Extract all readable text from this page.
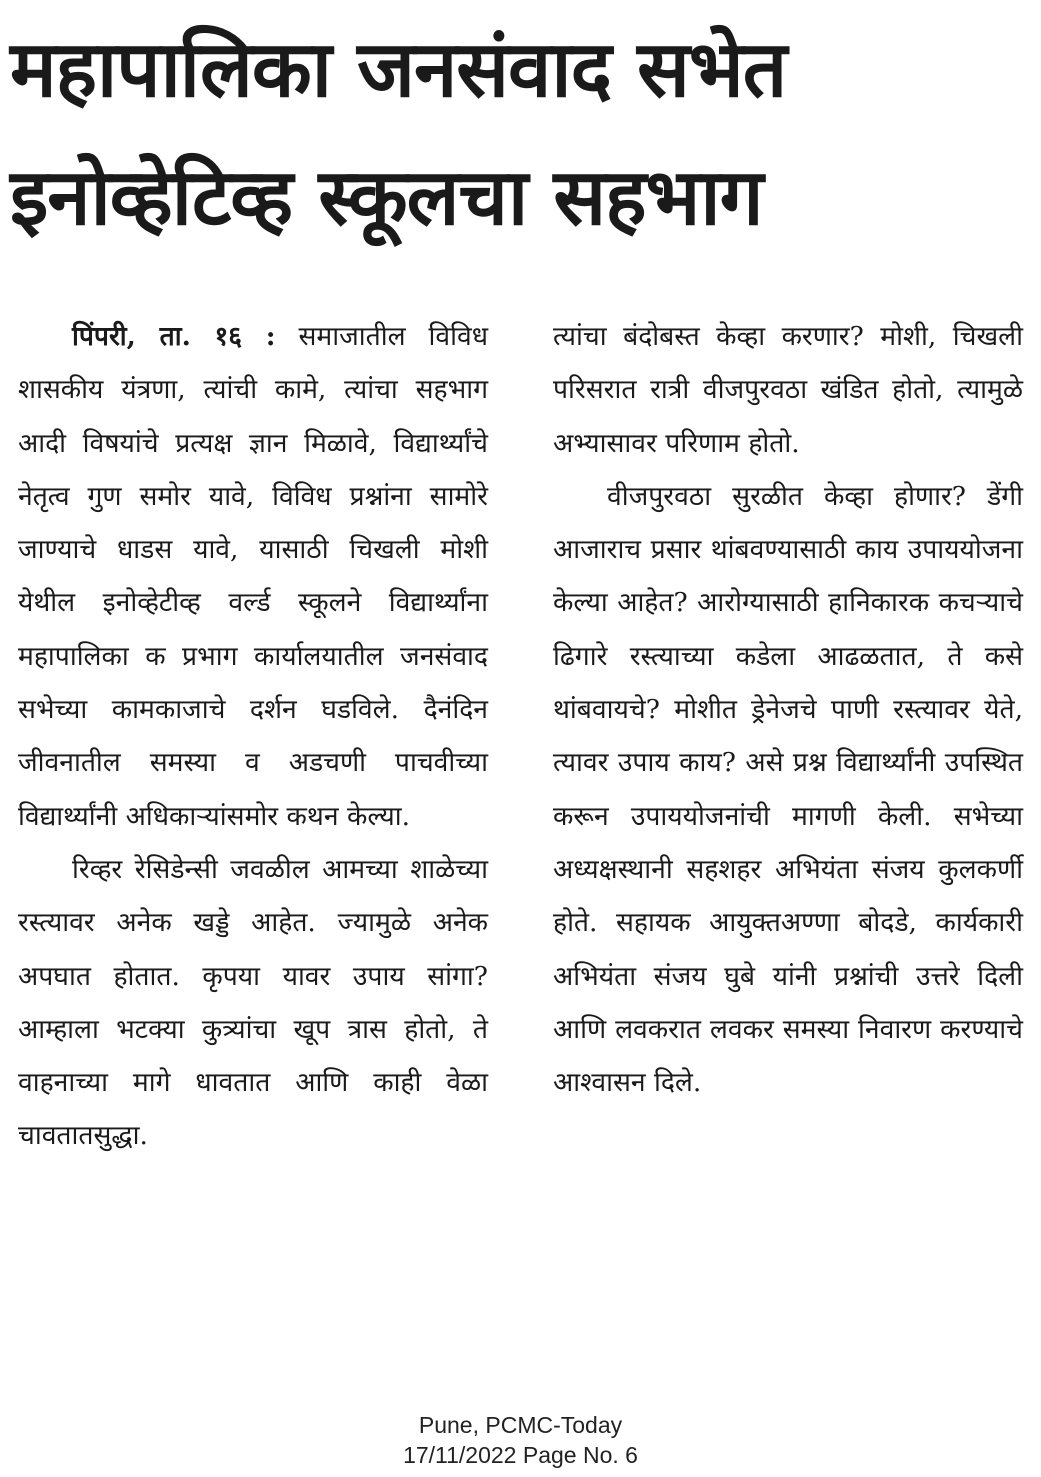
महापालिका जनसंवाद सभेत
इनोव्हेटिव्ह स्कूलचा सहभाग

पिंपरी, ता. १६ : समाजातील विविध शासकीय यंत्रणा, त्यांची कामे, त्यांचा सहभाग आदी विषयांचे प्रत्यक्ष ज्ञान मिळावे, विद्यार्थ्यांचे नेतृत्व गुण समोर यावे, विविध प्रश्नांना सामोरे जाण्याचे धाडस यावे, यासाठी चिखली मोशी येथील इनोव्हेटीव्ह वर्ल्ड स्कूलने विद्यार्थ्यांना महापालिका क प्रभाग कार्यालयातील जनसंवाद सभेच्या कामकाजाचे दर्शन घडविले. दैनंदिन जीवनातील समस्या व अडचणी पाचवीच्या विद्यार्थ्यांनी अधिकाऱ्यांसमोर कथन केल्या.

रिव्हर रेसिडेन्सी जवळील आमच्या शाळेच्या रस्त्यावर अनेक खड्डे आहेत. ज्यामुळे अनेक अपघात होतात. कृपया यावर उपाय सांगा? आम्हाला भटक्या कुत्र्यांचा खूप त्रास होतो, ते वाहनाच्या मागे धावतात आणि काही वेळा चावतातसुद्धा.

त्यांचा बंदोबस्त केव्हा करणार? मोशी, चिखली परिसरात रात्री वीजपुरवठा खंडित होतो, त्यामुळे अभ्यासावर परिणाम होतो.

वीजपुरवठा सुरळीत केव्हा होणार? डेंगी आजाराच प्रसार थांबवण्यासाठी काय उपाययोजना केल्या आहेत? आरोग्यासाठी हानिकारक कचऱ्याचे ढिगारे रस्त्याच्या कडेला आढळतात, ते कसे थांबवायचे? मोशीत ड्रेनेजचे पाणी रस्त्यावर येते, त्यावर उपाय काय? असे प्रश्न विद्यार्थ्यांनी उपस्थित करून उपाययोजनांची मागणी केली. सभेच्या अध्यक्षस्थानी सहशहर अभियंता संजय कुलकर्णी होते. सहायक आयुक्तअण्णा बोदडे, कार्यकारी अभियंता संजय घुबे यांनी प्रश्नांची उत्तरे दिली आणि लवकरात लवकर समस्या निवारण करण्याचे आश्वासन दिले.

Pune, PCMC-Today
17/11/2022 Page No. 6
